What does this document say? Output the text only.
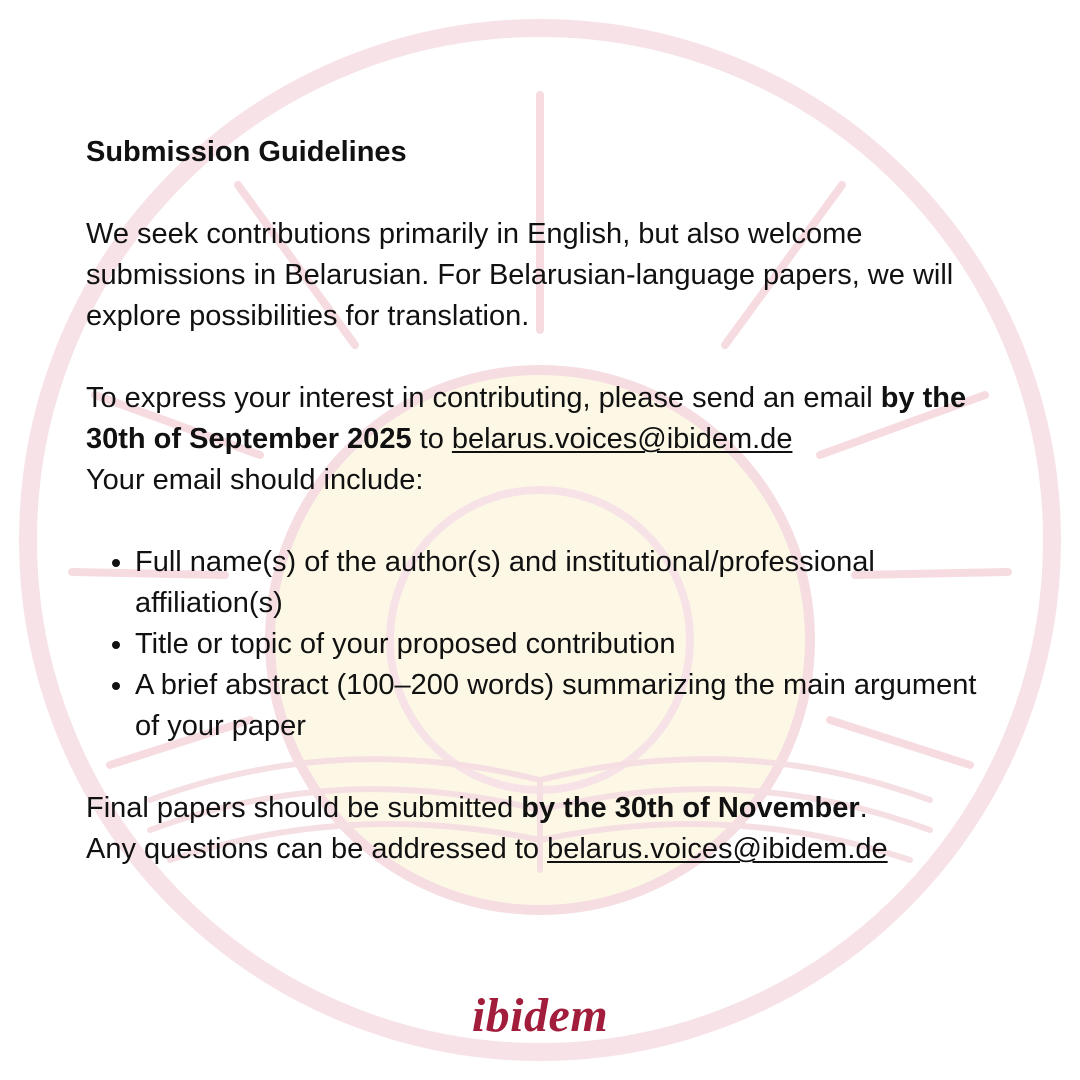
Submission Guidelines
We seek contributions primarily in English, but also welcome submissions in Belarusian. For Belarusian-language papers, we will explore possibilities for translation.
To express your interest in contributing, please send an email by the 30th of September 2025 to belarus.voices@ibidem.de
Your email should include:
• Full name(s) of the author(s) and institutional/professional affiliation(s)
• Title or topic of your proposed contribution
• A brief abstract (100–200 words) summarizing the main argument of your paper
Final papers should be submitted by the 30th of November.
Any questions can be addressed to belarus.voices@ibidem.de
ibidem
